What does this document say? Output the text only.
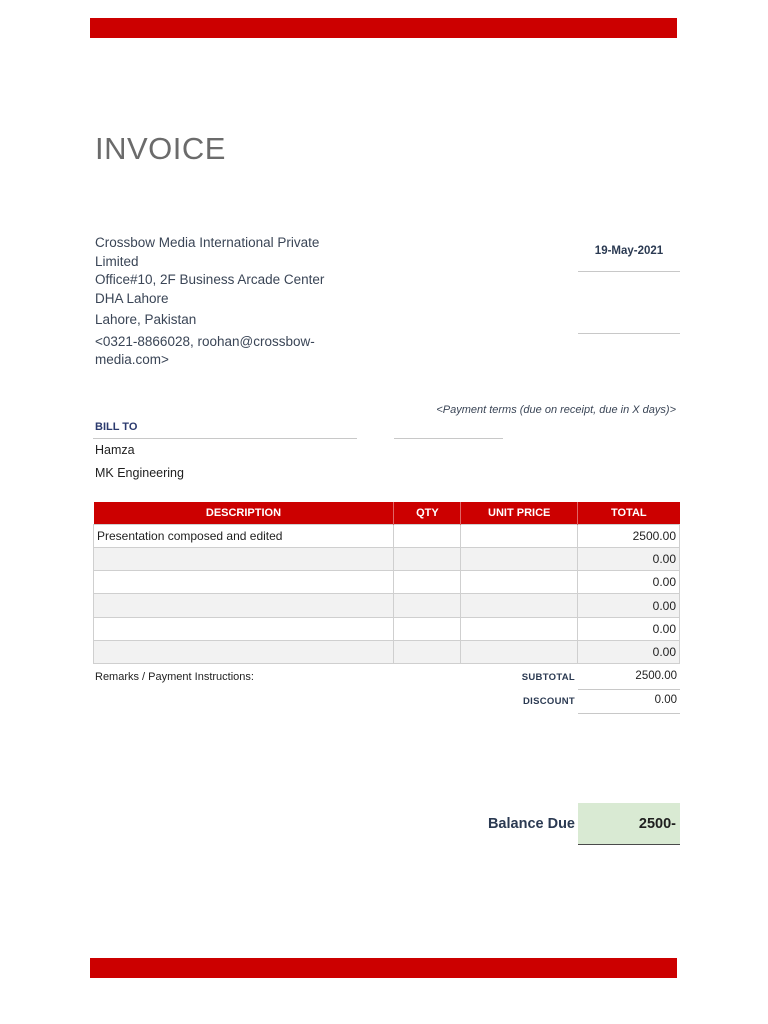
INVOICE
Crossbow Media International Private
Limited
Office#10, 2F Business Arcade Center
DHA Lahore
Lahore, Pakistan
<0321-8866028, roohan@crossbow-
media.com>
19-May-2021
<Payment terms (due on receipt, due in X days)>
BILL TO
Hamza
MK Engineering
DESCRIPTION	QTY	UNIT PRICE	TOTAL
Presentation composed and edited			2500.00
			0.00
			0.00
			0.00
			0.00
			0.00
Remarks / Payment Instructions:	SUBTOTAL	2500.00
DISCOUNT	0.00
Balance Due	2500-
